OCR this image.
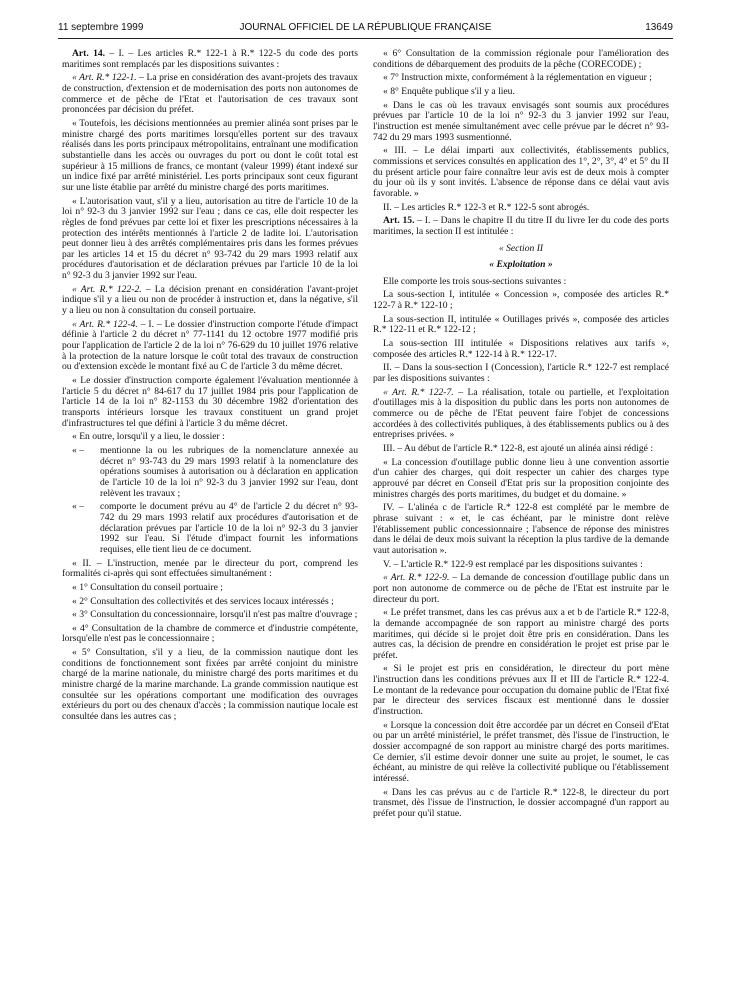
11 septembre 1999	JOURNAL OFFICIEL DE LA RÉPUBLIQUE FRANÇAISE	13649

Art. 14. – I. – Les articles R.* 122-1 à R.* 122-5 du code des ports maritimes sont remplacés par les dispositions suivantes :

« Art. R.* 122-1. – La prise en considération des avant-projets des travaux de construction, d'extension et de modernisation des ports non autonomes de commerce et de pêche de l'Etat et l'autorisation de ces travaux sont prononcées par décision du préfet.

« Toutefois, les décisions mentionnées au premier alinéa sont prises par le ministre chargé des ports maritimes lorsqu'elles portent sur des travaux réalisés dans les ports principaux métropolitains, entraînant une modification substantielle dans les accès ou ouvrages du port ou dont le coût total est supérieur à 15 millions de francs, ce montant (valeur 1999) étant indexé sur un indice fixé par arrêté ministériel. Les ports principaux sont ceux figurant sur une liste établie par arrêté du ministre chargé des ports maritimes.

« L'autorisation vaut, s'il y a lieu, autorisation au titre de l'article 10 de la loi n° 92-3 du 3 janvier 1992 sur l'eau ; dans ce cas, elle doit respecter les règles de fond prévues par cette loi et fixer les prescriptions nécessaires à la protection des intérêts mentionnés à l'article 2 de ladite loi. L'autorisation peut donner lieu à des arrêtés complémentaires pris dans les formes prévues par les articles 14 et 15 du décret n° 93-742 du 29 mars 1993 relatif aux procédures d'autorisation et de déclaration prévues par l'article 10 de la loi n° 92-3 du 3 janvier 1992 sur l'eau.

« Art. R.* 122-2. – La décision prenant en considération l'avant-projet indique s'il y a lieu ou non de procéder à instruction et, dans la négative, s'il y a lieu ou non à consultation du conseil portuaire.

« Art. R.* 122-4. – I. – Le dossier d'instruction comporte l'étude d'impact définie à l'article 2 du décret n° 77-1141 du 12 octobre 1977 modifié pris pour l'application de l'article 2 de la loi n° 76-629 du 10 juillet 1976 relative à la protection de la nature lorsque le coût total des travaux de construction ou d'extension excède le montant fixé au C de l'article 3 du même décret.

« Le dossier d'instruction comporte également l'évaluation mentionnée à l'article 5 du décret n° 84-617 du 17 juillet 1984 pris pour l'application de l'article 14 de la loi n° 82-1153 du 30 décembre 1982 d'orientation des transports intérieurs lorsque les travaux constituent un grand projet d'infrastructures tel que défini à l'article 3 du même décret.

« En outre, lorsqu'il y a lieu, le dossier :

« –	mentionne la ou les rubriques de la nomenclature annexée au décret n° 93-743 du 29 mars 1993 relatif à la nomenclature des opérations soumises à autorisation ou à déclaration en application de l'article 10 de la loi n° 92-3 du 3 janvier 1992 sur l'eau, dont relèvent les travaux ;
« –	comporte le document prévu au 4° de l'article 2 du décret n° 93-742 du 29 mars 1993 relatif aux procédures d'autorisation et de déclaration prévues par l'article 10 de la loi n° 92-3 du 3 janvier 1992 sur l'eau. Si l'étude d'impact fournit les informations requises, elle tient lieu de ce document.

« II. – L'instruction, menée par le directeur du port, comprend les formalités ci-après qui sont effectuées simultanément :

« 1° Consultation du conseil portuaire ;

« 2° Consultation des collectivités et des services locaux intéressés ;

« 3° Consultation du concessionnaire, lorsqu'il n'est pas maître d'ouvrage ;

« 4° Consultation de la chambre de commerce et d'industrie compétente, lorsqu'elle n'est pas le concessionnaire ;

« 5° Consultation, s'il y a lieu, de la commission nautique dont les conditions de fonctionnement sont fixées par arrêté conjoint du ministre chargé de la marine nationale, du ministre chargé des ports maritimes et du ministre chargé de la marine marchande. La grande commission nautique est consultée sur les opérations comportant une modification des ouvrages extérieurs du port ou des chenaux d'accès ; la commission nautique locale est consultée dans les autres cas ;

« 6° Consultation de la commission régionale pour l'amélioration des conditions de débarquement des produits de la pêche (CORECODE) ;

« 7° Instruction mixte, conformément à la réglementation en vigueur ;

« 8° Enquête publique s'il y a lieu.

« Dans le cas où les travaux envisagés sont soumis aux procédures prévues par l'article 10 de la loi n° 92-3 du 3 janvier 1992 sur l'eau, l'instruction est menée simultanément avec celle prévue par le décret n° 93-742 du 29 mars 1993 susmentionné.

« III. – Le délai imparti aux collectivités, établissements publics, commissions et services consultés en application des 1°, 2°, 3°, 4° et 5° du II du présent article pour faire connaître leur avis est de deux mois à compter du jour où ils y sont invités. L'absence de réponse dans ce délai vaut avis favorable. »

II. – Les articles R.* 122-3 et R.* 122-5 sont abrogés.

Art. 15. – I. – Dans le chapitre II du titre II du livre Ier du code des ports maritimes, la section II est intitulée :

« Section II

« Exploitation »

Elle comporte les trois sous-sections suivantes :

La sous-section I, intitulée « Concession », composée des articles R.* 122-7 à R.* 122-10 ;

La sous-section II, intitulée « Outillages privés », composée des articles R.* 122-11 et R.* 122-12 ;

La sous-section III intitulée « Dispositions relatives aux tarifs », composée des articles R.* 122-14 à R.* 122-17.

II. – Dans la sous-section I (Concession), l'article R.* 122-7 est remplacé par les dispositions suivantes :

« Art. R.* 122-7. – La réalisation, totale ou partielle, et l'exploitation d'outillages mis à la disposition du public dans les ports non autonomes de commerce ou de pêche de l'Etat peuvent faire l'objet de concessions accordées à des collectivités publiques, à des établissements publics ou à des entreprises privées. »

III. – Au début de l'article R.* 122-8, est ajouté un alinéa ainsi rédigé :

« La concession d'outillage public donne lieu à une convention assortie d'un cahier des charges, qui doit respecter un cahier des charges type approuvé par décret en Conseil d'Etat pris sur la proposition conjointe des ministres chargés des ports maritimes, du budget et du domaine. »

IV. – L'alinéa c de l'article R.* 122-8 est complété par le membre de phrase suivant : « et, le cas échéant, par le ministre dont relève l'établissement public concessionnaire ; l'absence de réponse des ministres dans le délai de deux mois suivant la réception la plus tardive de la demande vaut autorisation ».

V. – L'article R.* 122-9 est remplacé par les dispositions suivantes :

« Art. R.* 122-9. – La demande de concession d'outillage public dans un port non autonome de commerce ou de pêche de l'Etat est instruite par le directeur du port.

« Le préfet transmet, dans les cas prévus aux a et b de l'article R.* 122-8, la demande accompagnée de son rapport au ministre chargé des ports maritimes, qui décide si le projet doit être pris en considération. Dans les autres cas, la décision de prendre en considération le projet est prise par le préfet.

« Si le projet est pris en considération, le directeur du port mène l'instruction dans les conditions prévues aux II et III de l'article R.* 122-4. Le montant de la redevance pour occupation du domaine public de l'Etat fixé par le directeur des services fiscaux est mentionné dans le dossier d'instruction.

« Lorsque la concession doit être accordée par un décret en Conseil d'Etat ou par un arrêté ministériel, le préfet transmet, dès l'issue de l'instruction, le dossier accompagné de son rapport au ministre chargé des ports maritimes. Ce dernier, s'il estime devoir donner une suite au projet, le soumet, le cas échéant, au ministre de qui relève la collectivité publique ou l'établissement intéressé.

« Dans les cas prévus au c de l'article R.* 122-8, le directeur du port transmet, dès l'issue de l'instruction, le dossier accompagné d'un rapport au préfet pour qu'il statue.
